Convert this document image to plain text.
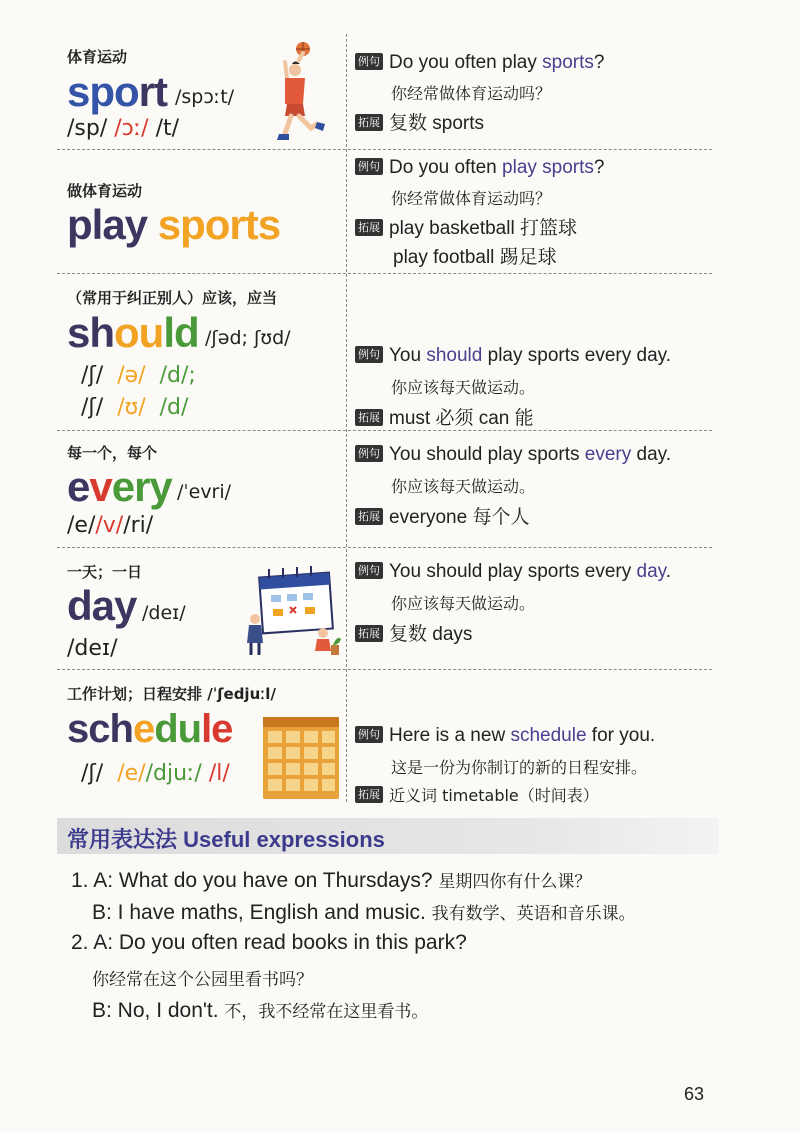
体育运动
sport /spɔːt/
/sp/ /ɔː/ /t/
例句 Do you often play sports?
你经常做体育运动吗？
拓展 复数 sports
做体育运动
play sports
例句 Do you often play sports?
你经常做体育运动吗？
拓展 play basketball 打篮球
play football 踢足球
（常用于纠正别人）应该，应当
should /ʃəd; ʃʊd/
/ʃ/ /ə/ /d/;
/ʃ/ /ʊ/ /d/
例句 You should play sports every day.
你应该每天做运动。
拓展 must 必须 can 能
每一个，每个
every /ˈevri/
/e//v//ri/
例句 You should play sports every day.
你应该每天做运动。
拓展 everyone 每个人
一天；一日
day /deɪ/
/deɪ/
例句 You should play sports every day.
你应该每天做运动。
拓展 复数 days
工作计划；日程安排 /ˈʃedjuːl/
schedule
/ʃ/ /e//djuː/ /l/
例句 Here is a new schedule for you.
这是一份为你制订的新的日程安排。
拓展 近义词 timetable（时间表）
常用表达法 Useful expressions
1. A: What do you have on Thursdays? 星期四你有什么课？
B: I have maths, English and music. 我有数学、英语和音乐课。
2. A: Do you often read books in this park?
你经常在这个公园里看书吗？
B: No, I don't. 不，我不经常在这里看书。
63
